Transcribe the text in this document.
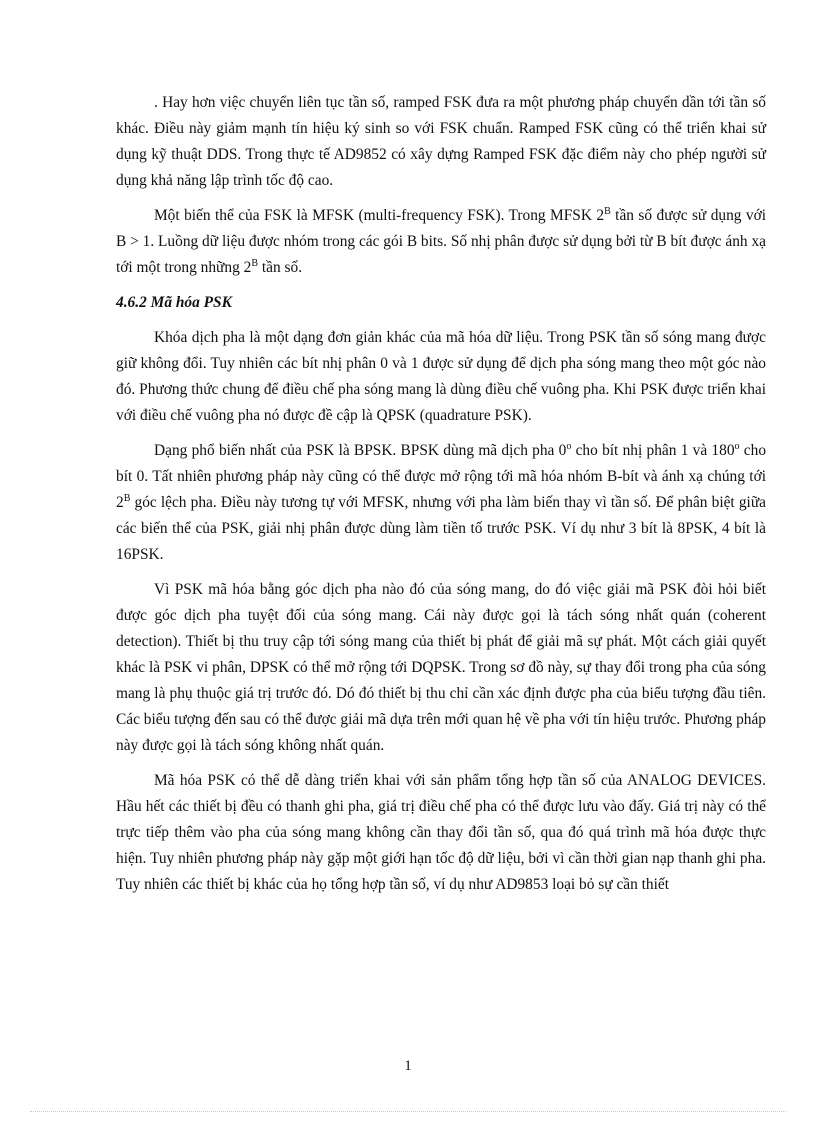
. Hay hơn việc chuyển liên tục tần số, ramped FSK đưa ra một phương pháp chuyển dần tới tần số khác. Điều này giảm mạnh tín hiệu ký sinh so với FSK chuẩn. Ramped FSK cũng có thể triển khai sử dụng kỹ thuật DDS. Trong thực tế AD9852 có xây dựng Ramped FSK đặc điểm này cho phép người sử dụng khả năng lập trình tốc độ cao.

Một biến thể của FSK là MFSK (multi-frequency FSK). Trong MFSK $2^B$ tần số được sử dụng với B > 1. Luồng dữ liệu được nhóm trong các gói B bits. Số nhị phân được sử dụng bởi từ B bít được ánh xạ tới một trong những $2^B$ tần số.

4.6.2 Mã hóa PSK

Khóa dịch pha là một dạng đơn giản khác của mã hóa dữ liệu. Trong PSK tần số sóng mang được giữ không đổi. Tuy nhiên các bít nhị phân 0 và 1 được sử dụng để dịch pha sóng mang theo một góc nào đó. Phương thức chung để điều chế pha sóng mang là dùng điều chế vuông pha. Khi PSK được triển khai với điều chế vuông pha nó được đề cập là QPSK (quadrature PSK).

Dạng phổ biến nhất của PSK là BPSK. BPSK dùng mã dịch pha 0$^o$ cho bít nhị phân 1 và 180$^o$ cho bít 0. Tất nhiên phương pháp này cũng có thể được mở rộng tới mã hóa nhóm B-bít và ánh xạ chúng tới $2^B$ góc lệch pha. Điều này tương tự với MFSK, nhưng với pha làm biến thay vì tần số. Để phân biệt giữa các biến thể của PSK, giải nhị phân được dùng làm tiền tố trước PSK. Ví dụ như 3 bít là 8PSK, 4 bít là 16PSK.

Vì PSK mã hóa bằng góc dịch pha nào đó của sóng mang, do đó việc giải mã PSK đòi hỏi biết được góc dịch pha tuyệt đối của sóng mang. Cái này được gọi là tách sóng nhất quán (coherent detection). Thiết bị thu truy cập tới sóng mang của thiết bị phát để giải mã sự phát. Một cách giải quyết khác là PSK vi phân, DPSK có thể mở rộng tới DQPSK. Trong sơ đồ này, sự thay đổi trong pha của sóng mang là phụ thuộc giá trị trước đó. Dó đó thiết bị thu chỉ cần xác định được pha của biểu tượng đầu tiên. Các biểu tượng đến sau có thể được giải mã dựa trên mới quan hệ về pha với tín hiệu trước. Phương pháp này được gọi là tách sóng không nhất quán.

Mã hóa PSK có thể dễ dàng triển khai với sản phẩm tổng hợp tần số của ANALOG DEVICES. Hầu hết các thiết bị đều có thanh ghi pha, giá trị điều chế pha có thể được lưu vào đấy. Giá trị này có thể trực tiếp thêm vào pha của sóng mang không cần thay đổi tần số, qua đó quá trình mã hóa được thực hiện. Tuy nhiên phương pháp này gặp một giới hạn tốc độ dữ liệu, bởi vì cần thời gian nạp thanh ghi pha. Tuy nhiên các thiết bị khác của họ tổng hợp tần số, ví dụ như AD9853 loại bỏ sự cần thiết

1
